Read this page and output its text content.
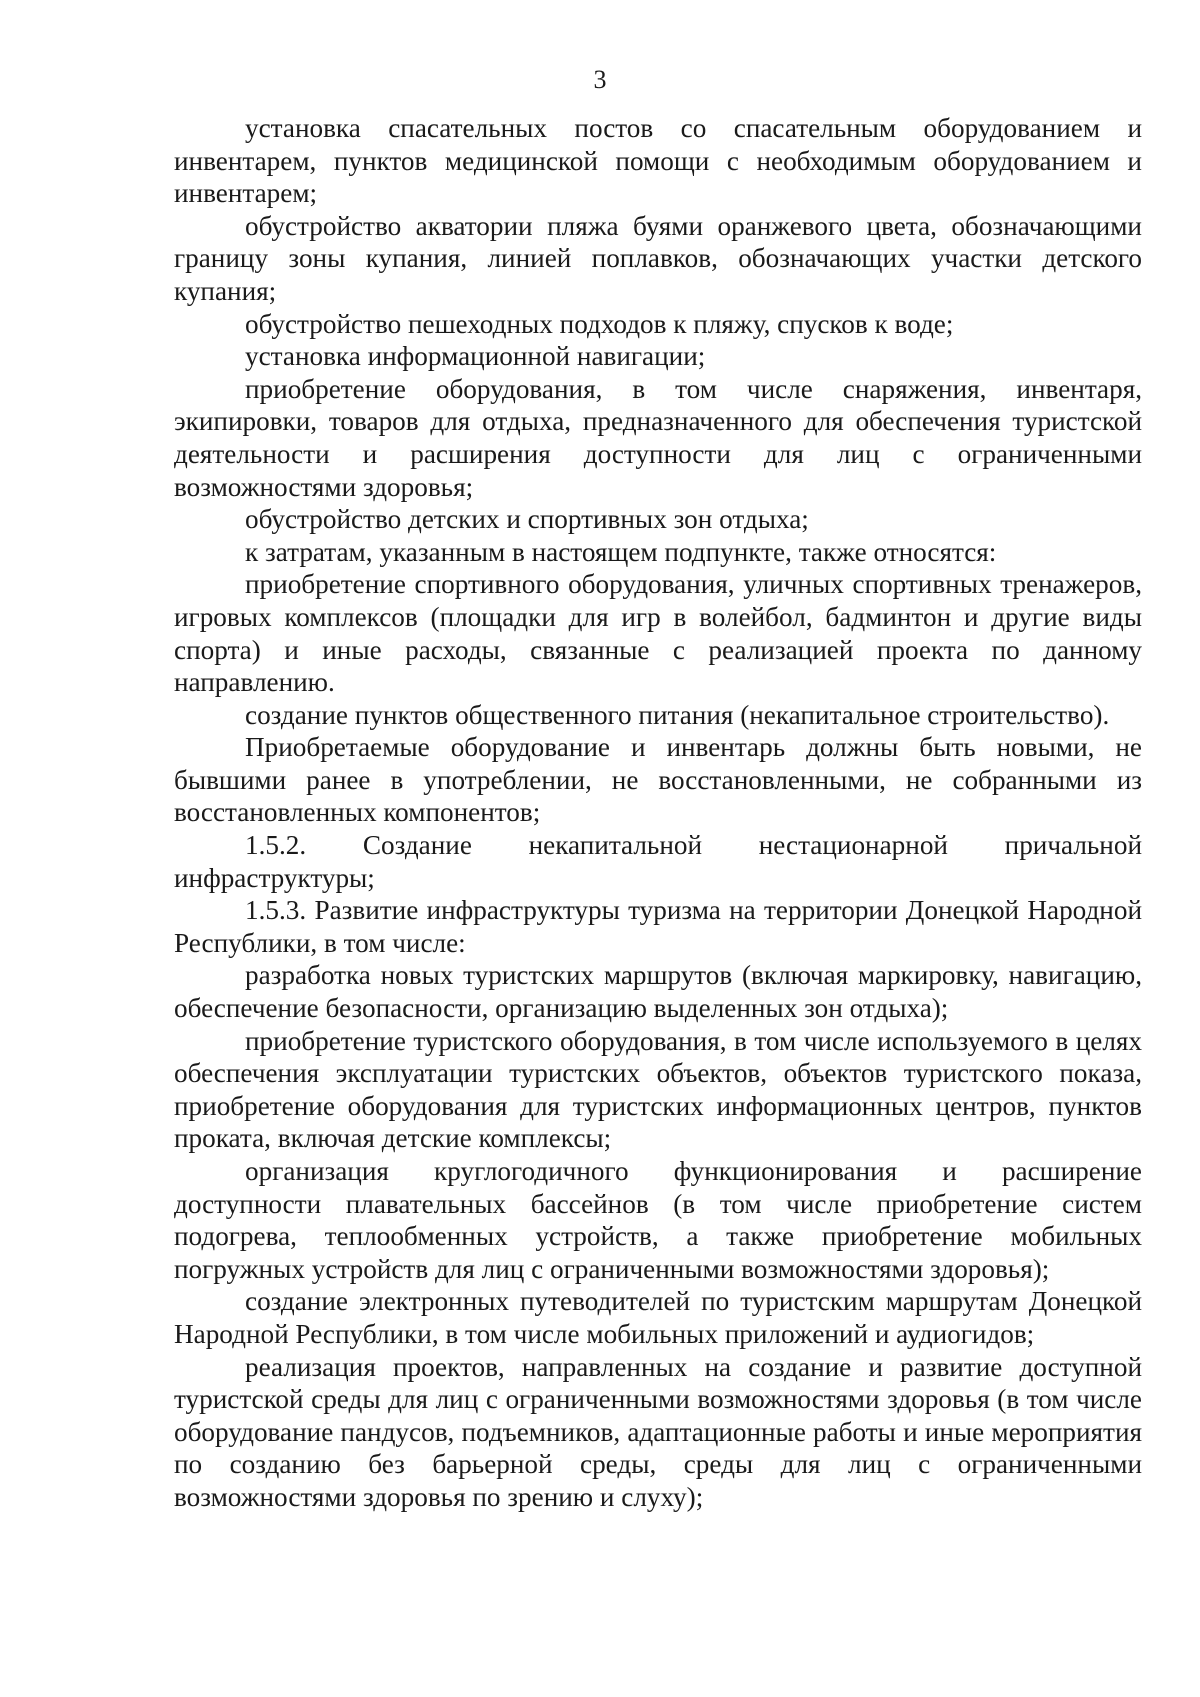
3

установка спасательных постов со спасательным оборудованием и инвентарем, пунктов медицинской помощи с необходимым оборудованием и инвентарем;

обустройство акватории пляжа буями оранжевого цвета, обозначающими границу зоны купания, линией поплавков, обозначающих участки детского купания;

обустройство пешеходных подходов к пляжу, спусков к воде;

установка информационной навигации;

приобретение оборудования, в том числе снаряжения, инвентаря, экипировки, товаров для отдыха, предназначенного для обеспечения туристской деятельности и расширения доступности для лиц с ограниченными возможностями здоровья;

обустройство детских и спортивных зон отдыха;

к затратам, указанным в настоящем подпункте, также относятся:

приобретение спортивного оборудования, уличных спортивных тренажеров, игровых комплексов (площадки для игр в волейбол, бадминтон и другие виды спорта) и иные расходы, связанные с реализацией проекта по данному направлению.

создание пунктов общественного питания (некапитальное строительство).

Приобретаемые оборудование и инвентарь должны быть новыми, не бывшими ранее в употреблении, не восстановленными, не собранными из восстановленных компонентов;

1.5.2. Создание некапитальной нестационарной причальной инфраструктуры;

1.5.3. Развитие инфраструктуры туризма на территории Донецкой Народной Республики, в том числе:

разработка новых туристских маршрутов (включая маркировку, навигацию, обеспечение безопасности, организацию выделенных зон отдыха);

приобретение туристского оборудования, в том числе используемого в целях обеспечения эксплуатации туристских объектов, объектов туристского показа, приобретение оборудования для туристских информационных центров, пунктов проката, включая детские комплексы;

организация круглогодичного функционирования и расширение доступности плавательных бассейнов (в том числе приобретение систем подогрева, теплообменных устройств, а также приобретение мобильных погружных устройств для лиц с ограниченными возможностями здоровья);

создание электронных путеводителей по туристским маршрутам Донецкой Народной Республики, в том числе мобильных приложений и аудиогидов;

реализация проектов, направленных на создание и развитие доступной туристской среды для лиц с ограниченными возможностями здоровья (в том числе оборудование пандусов, подъемников, адаптационные работы и иные мероприятия по созданию без барьерной среды, среды для лиц с ограниченными возможностями здоровья по зрению и слуху);
